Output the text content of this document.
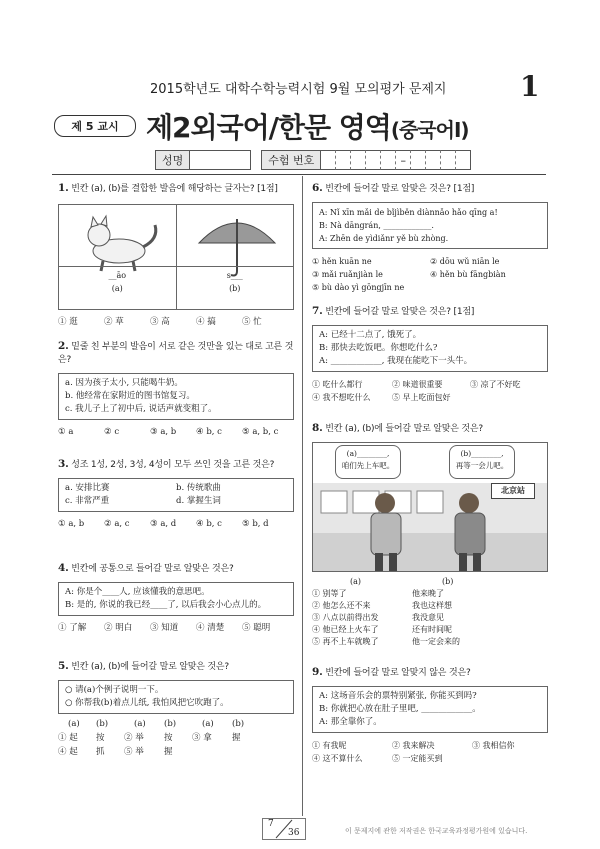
2015학년도 대학수학능력시험 9월 모의평가 문제지	1
제 5 교시 제2외국어/한문 영역(중국어Ⅰ)
성명	수험 번호	–
1. 빈칸 (a), (b)를 결합한 발음에 해당하는 글자는? [1점]
__āo
(a)
s___
(b)
① 逛	② 草	③ 高	④ 搞	⑤ 忙
2. 밑줄 친 부분의 발음이 서로 같은 것만을 있는 대로 고른 것은?
a. 因为孩子太小, 只能喝牛奶。
b. 他经常在家附近的图书馆复习。
c. 我儿子上了初中后, 说话声就变粗了。
① a	② c	③ a, b	④ b, c	⑤ a, b, c
3. 성조 1성, 2성, 3성, 4성이 모두 쓰인 것을 고른 것은?
a. 安排比赛	b. 传统歌曲
c. 非常严重	d. 掌握生词
① a, b	② a, c	③ a, d	④ b, c	⑤ b, d
4. 빈칸에 공통으로 들어갈 말로 알맞은 것은?
A: 你是个____人, 应该懂我的意思吧。
B: 是的, 你说的我已经____了, 以后我会小心点儿的。
① 了解	② 明白	③ 知道	④ 清楚	⑤ 聪明
5. 빈칸 (a), (b)에 들어갈 말로 알맞은 것은?
○ 请(a)个例子说明一下。
○ 你帮我(b)着点儿纸, 我怕风把它吹跑了。
(a)	(b)	(a)	(b)	(a)	(b)
① 起	按	② 举	按	③ 拿	握
④ 起	抓	⑤ 举	握
6. 빈칸에 들어갈 말로 알맞은 것은? [1점]
A: Nǐ xīn mǎi de bǐjìběn diànnǎo hǎo qīng a!
B: Nà dāngrán, ____________.
A: Zhēn de yìdiǎnr yě bù zhòng.
① hěn kuān ne	② dōu wǔ niān le
③ mǎi ruǎnjiàn le	④ hěn bù fāngbiàn
⑤ bù dào yì gōngjīn ne
7. 빈칸에 들어갈 말로 알맞은 것은? [1점]
A: 已经十二点了, 饿死了。
B: 那快去吃饭吧。你想吃什么?
A: ____________, 我现在能吃下一头牛。
① 吃什么都行	② 味道很重要	③ 凉了不好吃
④ 我不想吃什么	⑤ 早上吃面包好
8. 빈칸 (a), (b)에 들어갈 말로 알맞은 것은?
(a)________,
咱们先上车吧。
(b)________,
再等一会儿吧。
北京站
(a)	(b)
① 别等了	他来晚了
② 他怎么还不来	我也这样想
③ 八点以前得出发	我没意见
④ 他已经上火车了	还有时间呢
⑤ 再不上车就晚了	他一定会来的
9. 빈칸에 들어갈 말로 알맞지 않은 것은?
A: 这场音乐会的票特别紧张, 你能买到吗?
B: 你就把心放在肚子里吧, ____________。
A: 那全靠你了。
① 有我呢	② 我来解决	③ 我相信你
④ 这不算什么	⑤ 一定能买到
7
36	이 문제지에 관한 저작권은 한국교육과정평가원에 있습니다.
